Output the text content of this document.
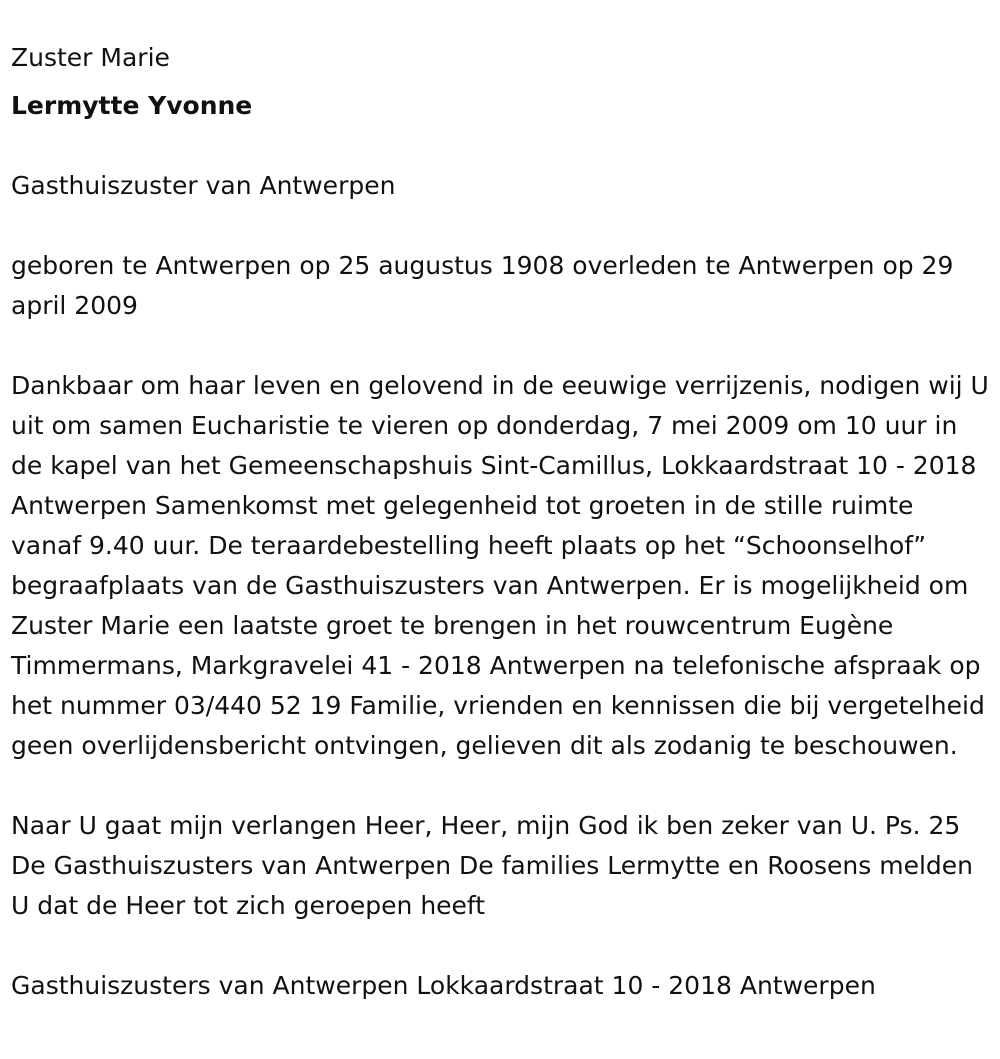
Zuster Marie

Lermytte Yvonne

Gasthuiszuster van Antwerpen

geboren te Antwerpen op 25 augustus 1908 overleden te Antwerpen op 29 april 2009

Dankbaar om haar leven en gelovend in de eeuwige verrijzenis, nodigen wij U uit om samen Eucharistie te vieren op donderdag, 7 mei 2009 om 10 uur in de kapel van het Gemeenschapshuis Sint-Camillus, Lokkaardstraat 10 - 2018 Antwerpen Samenkomst met gelegenheid tot groeten in de stille ruimte vanaf 9.40 uur. De teraardebestelling heeft plaats op het “Schoonselhof” begraafplaats van de Gasthuiszusters van Antwerpen. Er is mogelijkheid om Zuster Marie een laatste groet te brengen in het rouwcentrum Eugène Timmermans, Markgravelei 41 - 2018 Antwerpen na telefonische afspraak op het nummer 03/440 52 19 Familie, vrienden en kennissen die bij vergetelheid geen overlijdensbericht ontvingen, gelieven dit als zodanig te beschouwen.

Naar U gaat mijn verlangen Heer, Heer, mijn God ik ben zeker van U. Ps. 25 De Gasthuiszusters van Antwerpen De families Lermytte en Roosens melden U dat de Heer tot zich geroepen heeft

Gasthuiszusters van Antwerpen Lokkaardstraat 10 - 2018 Antwerpen
